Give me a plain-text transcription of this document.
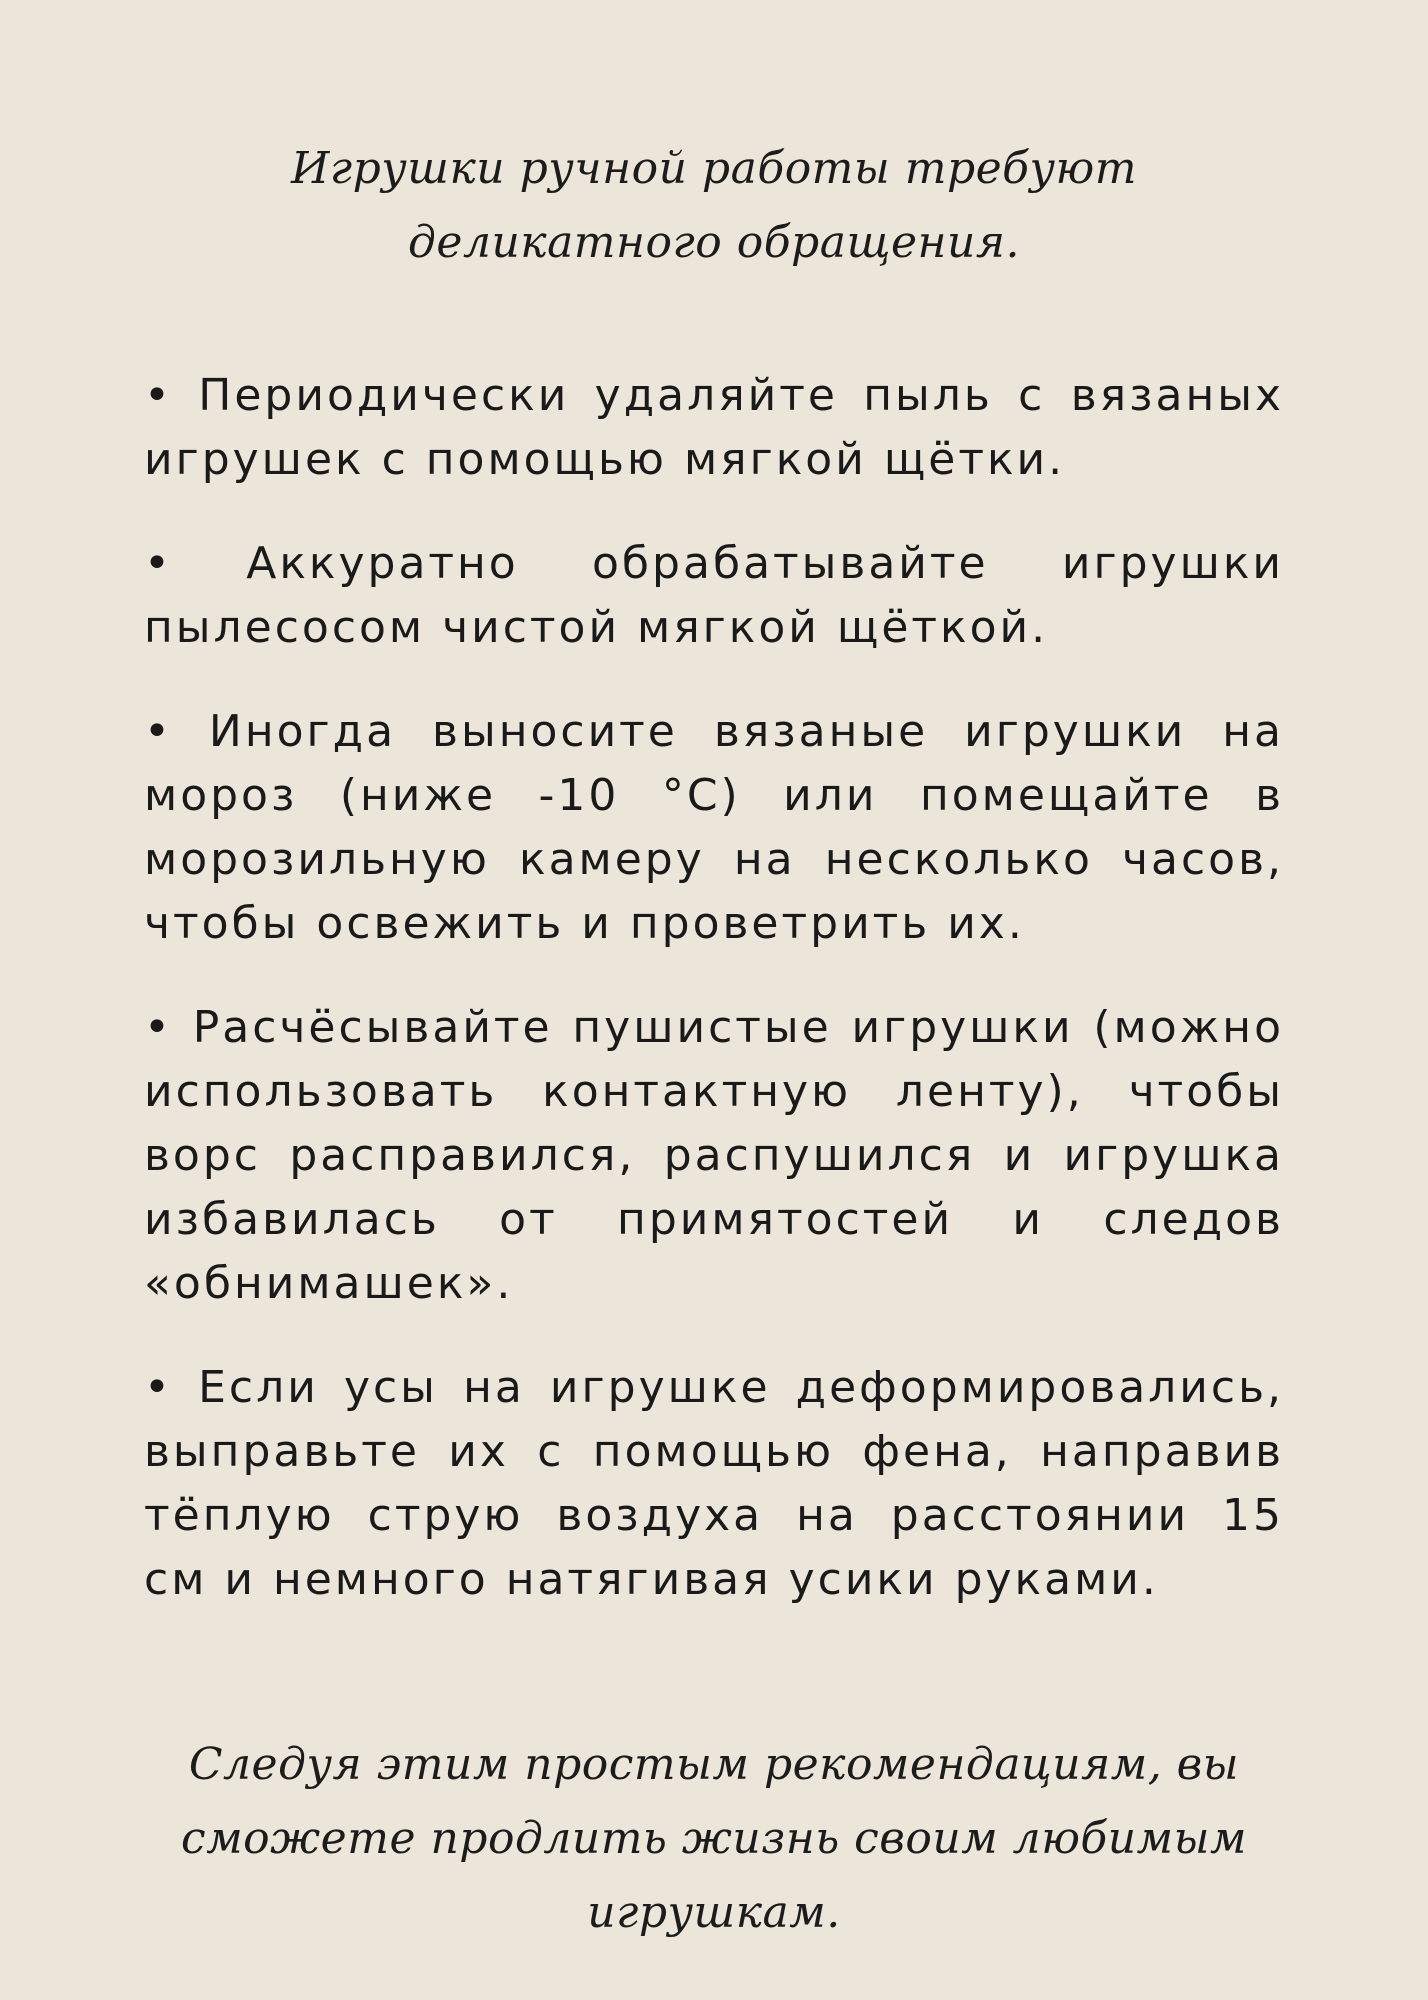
Игрушки ручной работы требуют деликатного обращения.
• Периодически удаляйте пыль с вязаных игрушек с помощью мягкой щётки.
• Аккуратно обрабатывайте игрушки пылесосом чистой мягкой щёткой.
• Иногда выносите вязаные игрушки на мороз (ниже -10 °C) или помещайте в морозильную камеру на несколько часов, чтобы освежить и проветрить их.
• Расчёсывайте пушистые игрушки (можно использовать контактную ленту), чтобы ворс расправился, распушился и игрушка избавилась от примятостей и следов «обнимашек».
• Если усы на игрушке деформировались, выправьте их с помощью фена, направив тёплую струю воздуха на расстоянии 15 см и немного натягивая усики руками.
Следуя этим простым рекомендациям, вы сможете продлить жизнь своим любимым игрушкам.
